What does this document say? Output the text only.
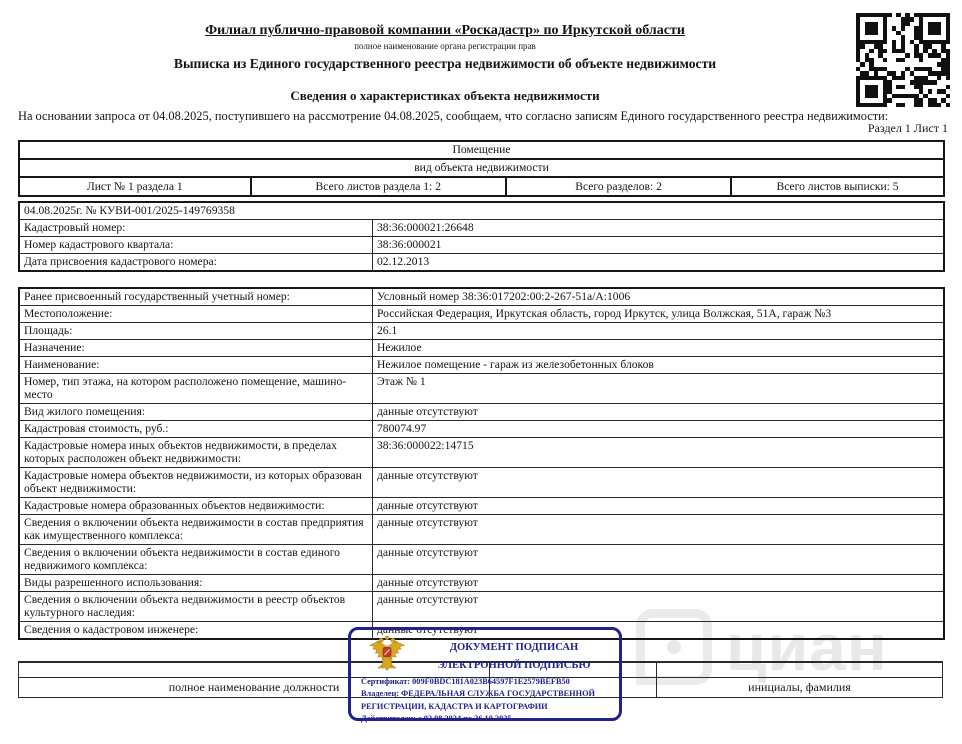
циан
Филиал публично-правовой компании «Роскадастр» по Иркутской области
полное наименование органа регистрации прав
Выписка из Единого государственного реестра недвижимости об объекте недвижимости
Сведения о характеристиках объекта недвижимости
На основании запроса от 04.08.2025, поступившего на рассмотрение 04.08.2025, сообщаем, что согласно записям Единого государственного реестра недвижимости:
Раздел 1 Лист 1
Помещение
вид объекта недвижимости
Лист № 1 раздела 1	Всего листов раздела 1: 2	Всего разделов: 2	Всего листов выписки: 5
04.08.2025г. № КУВИ-001/2025-149769358
Кадастровый номер:	38:36:000021:26648
Номер кадастрового квартала:	38:36:000021
Дата присвоения кадастрового номера:	02.12.2013
Ранее присвоенный государственный учетный номер:	Условный номер 38:36:017202:00:2-267-51а/А:1006
Местоположение:	Российская Федерация, Иркутская область, город Иркутск, улица Волжская, 51А, гараж №3
Площадь:	26.1
Назначение:	Нежилое
Наименование:	Нежилое помещение - гараж из железобетонных блоков
Номер, тип этажа, на котором расположено помещение, машино-место
Этаж № 1
Вид жилого помещения:	данные отсутствуют
Кадастровая стоимость, руб.:	780074.97
Кадастровые номера иных объектов недвижимости, в пределах которых расположен объект недвижимости:
38:36:000022:14715
Кадастровые номера объектов недвижимости, из которых образован объект недвижимости:
данные отсутствуют
Кадастровые номера образованных объектов недвижимости:	данные отсутствуют
Сведения о включении объекта недвижимости в состав предприятия как имущественного комплекса:
данные отсутствуют
Сведения о включении объекта недвижимости в состав единого недвижимого комплекса:
данные отсутствуют
Виды разрешенного использования:	данные отсутствуют
Сведения о включении объекта недвижимости в реестр объектов культурного наследия:
данные отсутствуют
Сведения о кадастровом инженере:	данные отсутствуют
полное наименование должности	инициалы, фамилия
ДОКУМЕНТ ПОДПИСАН
ЭЛЕКТРОННОЙ ПОДПИСЬЮ
Сертификат: 009F0BDC181A023B64597F1E2579BEFB50
Владелец: ФЕДЕРАЛЬНАЯ СЛУЖБА ГОСУДАРСТВЕННОЙ РЕГИСТРАЦИИ, КАДАСТРА И КАРТОГРАФИИ
Действителен: с 02.08.2024 по 26.10.2025
